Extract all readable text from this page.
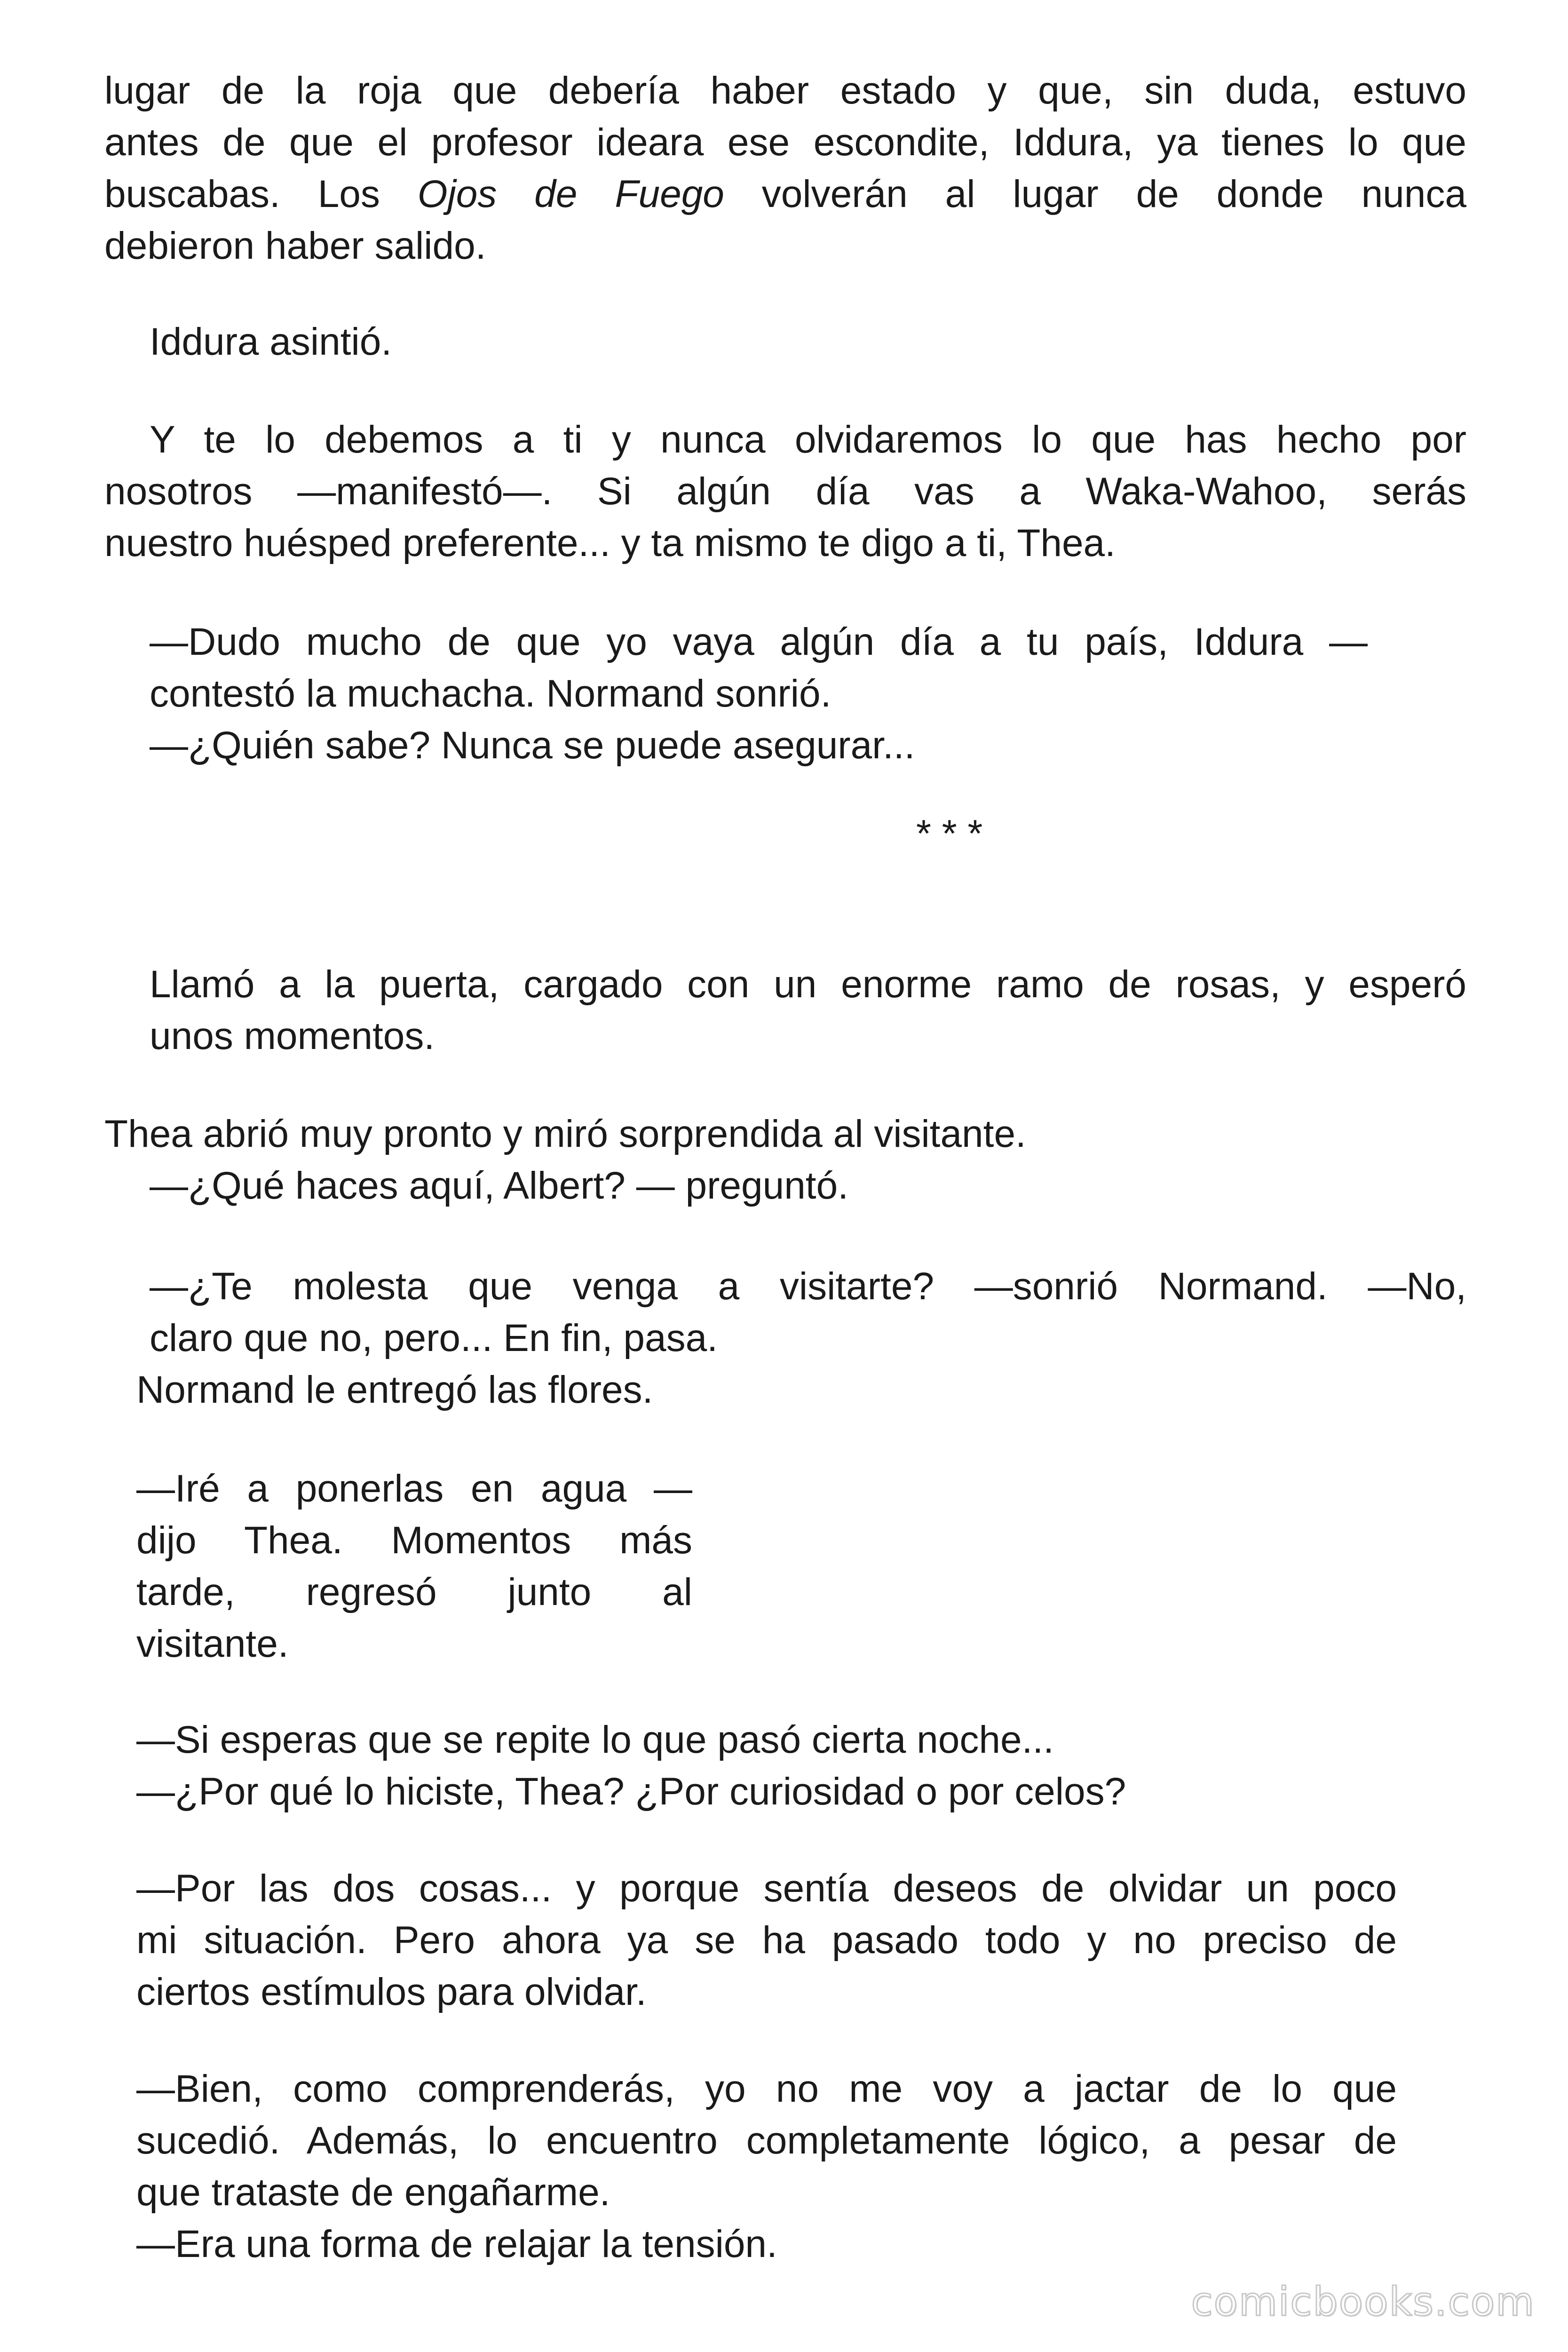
lugar de la roja que debería haber estado y que, sin duda, estuvo
antes de que el profesor ideara ese escondite, Iddura, ya tienes lo que
buscabas. Los Ojos de Fuego volverán al lugar de donde nunca
debieron haber salido.
Iddura asintió.
Y te lo debemos a ti y nunca olvidaremos lo que has hecho por
nosotros —manifestó—. Si algún día vas a Waka-Wahoo, serás
nuestro huésped preferente... y ta mismo te digo a ti, Thea.
—Dudo mucho de que yo vaya algún día a tu país, Iddura —
contestó la muchacha. Normand sonrió.
—¿Quién sabe? Nunca se puede asegurar...
* * *
Llamó a la puerta, cargado con un enorme ramo de rosas, y esperó
unos momentos.
Thea abrió muy pronto y miró sorprendida al visitante.
—¿Qué haces aquí, Albert? — preguntó.
—¿Te molesta que venga a visitarte? —sonrió Normand. —No,
claro que no, pero... En fin, pasa.
Normand le entregó las flores.
—Iré a ponerlas en agua —
dijo Thea. Momentos más
tarde, regresó junto al
visitante.
—Si esperas que se repite lo que pasó cierta noche...
—¿Por qué lo hiciste, Thea? ¿Por curiosidad o por celos?
—Por las dos cosas... y porque sentía deseos de olvidar un poco
mi situación. Pero ahora ya se ha pasado todo y no preciso de
ciertos estímulos para olvidar.
—Bien, como comprenderás, yo no me voy a jactar de lo que
sucedió. Además, lo encuentro completamente lógico, a pesar de
que trataste de engañarme.
—Era una forma de relajar la tensión.
comicbooks.com
